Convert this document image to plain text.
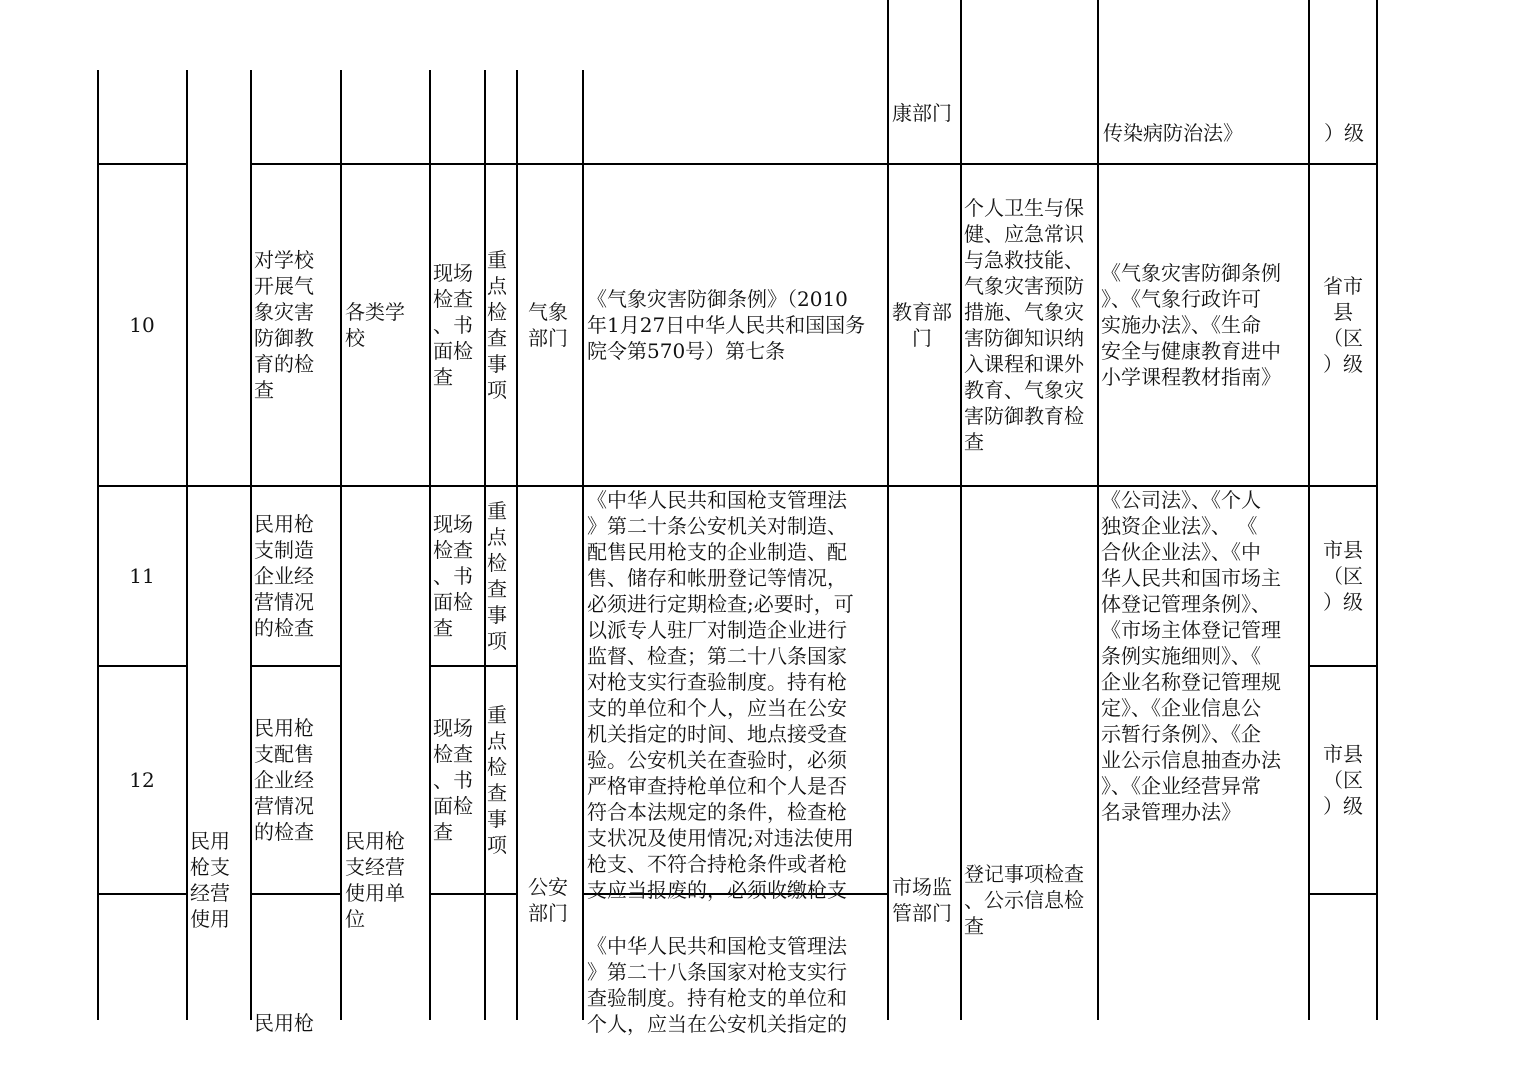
康部门

传染病防治法》

	）级

10
对学校
开展气
象灾害
防御教
育的检
查
各类学
校
现场
检查
、书
面检
查
重
点
检
查
事
项
气象
部门
《气象灾害防御条例》（2010
年1月27日中华人民共和国国务
院令第570号）第七条
教育部
门
个人卫生与保
健、应急常识
与急救技能、
气象灾害预防
措施、气象灾
害防御知识纳
入课程和课外
教育、气象灾
害防御教育检
查
《气象灾害防御条例
》、《气象行政许可
实施办法》、《生命
安全与健康教育进中
小学课程教材指南》
省市
县
（区
）级
11
民用枪
支制造
企业经
营情况
的检查
现场
检查
、书
面检
查
重
点
检
查
事
项
市县
（区
）级
12
民用枪
支配售
企业经
营情况
的检查
现场
检查
、书
面检
查
重
点
检
查
事
项
市县
（区
）级
民用
枪支
经营
使用
民用枪
支经营
使用单
位
公安
部门
《中华人民共和国枪支管理法
》第二十条公安机关对制造、
配售民用枪支的企业制造、配
售、储存和帐册登记等情况，
必须进行定期检查;必要时，可
以派专人驻厂对制造企业进行
监督、检查；第二十八条国家
对枪支实行查验制度。持有枪
支的单位和个人，应当在公安
机关指定的时间、地点接受查
验。公安机关在查验时，必须
严格审查持枪单位和个人是否
符合本法规定的条件，检查枪
支状况及使用情况;对违法使用
枪支、不符合持枪条件或者枪
支应当报废的，必须收缴枪支
《中华人民共和国枪支管理法
》第二十八条国家对枪支实行
查验制度。持有枪支的单位和
个人，应当在公安机关指定的
市场监
管部门
登记事项检查
、公示信息检
查
《公司法》、《个人
独资企业法》、 《
合伙企业法》、《中
华人民共和国市场主
体登记管理条例》、
《市场主体登记管理
条例实施细则》、《
企业名称登记管理规
定》、《企业信息公
示暂行条例》、《企
业公示信息抽查办法
》、《企业经营异常
名录管理办法》
民用枪
